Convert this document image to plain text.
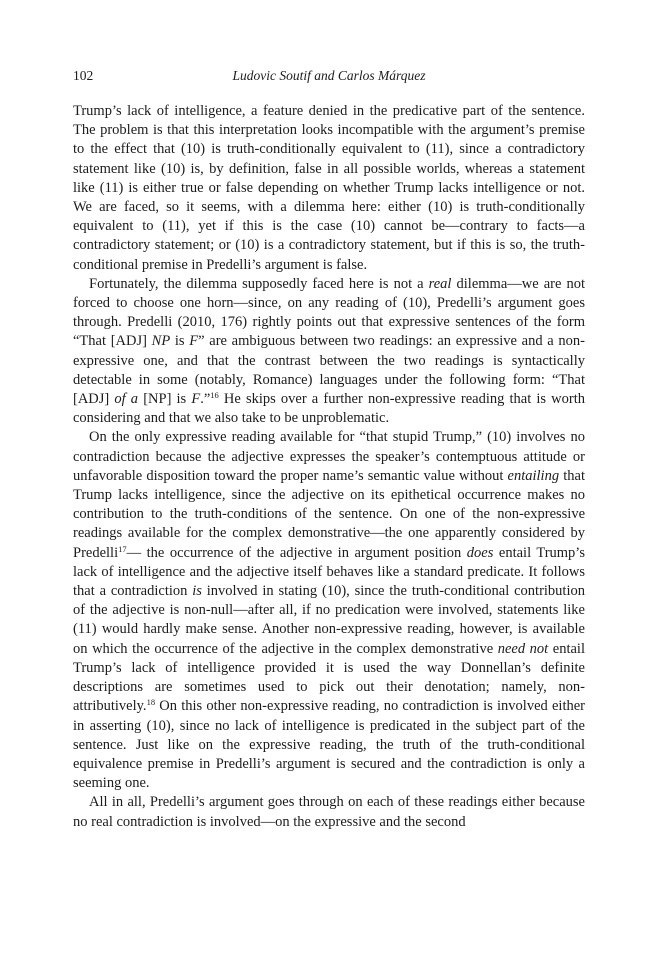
102	Ludovic Soutif and Carlos Márquez

Trump’s lack of intelligence, a feature denied in the predicative part of the sentence. The problem is that this interpretation looks incompatible with the argument’s premise to the effect that (10) is truth-conditionally equivalent to (11), since a contradictory statement like (10) is, by definition, false in all possible worlds, whereas a statement like (11) is either true or false depending on whether Trump lacks intelligence or not. We are faced, so it seems, with a dilemma here: either (10) is truth-conditionally equivalent to (11), yet if this is the case (10) cannot be—contrary to facts—a contradictory statement; or (10) is a contradictory statement, but if this is so, the truth-conditional premise in Predelli’s argument is false.

Fortunately, the dilemma supposedly faced here is not a real dilemma—we are not forced to choose one horn—since, on any reading of (10), Predelli’s argument goes through. Predelli (2010, 176) rightly points out that expressive sentences of the form “That [ADJ] NP is F” are ambiguous between two readings: an expressive and a non-expressive one, and that the contrast between the two readings is syntactically detectable in some (notably, Romance) languages under the following form: “That [ADJ] of a [NP] is F.”$^{16}$ He skips over a further non-expressive reading that is worth considering and that we also take to be unproblematic.

On the only expressive reading available for “that stupid Trump,” (10) involves no contradiction because the adjective expresses the speaker’s contemptuous attitude or unfavorable disposition toward the proper name’s semantic value without entailing that Trump lacks intelligence, since the adjective on its epithetical occurrence makes no contribution to the truth-conditions of the sentence. On one of the non-expressive readings available for the complex demonstrative—the one apparently considered by Predelli$^{17}$— the occurrence of the adjective in argument position does entail Trump’s lack of intelligence and the adjective itself behaves like a standard predicate. It follows that a contradiction is involved in stating (10), since the truth-conditional contribution of the adjective is non-null—after all, if no predication were involved, statements like (11) would hardly make sense. Another non-expressive reading, however, is available on which the occurrence of the adjective in the complex demonstrative need not entail Trump’s lack of intelligence provided it is used the way Donnellan’s definite descriptions are sometimes used to pick out their denotation; namely, non-attributively.$^{18}$ On this other non-expressive reading, no contradiction is involved either in asserting (10), since no lack of intelligence is predicated in the subject part of the sentence. Just like on the expressive reading, the truth of the truth-conditional equivalence premise in Predelli’s argument is secured and the contradiction is only a seeming one.

All in all, Predelli’s argument goes through on each of these readings either because no real contradiction is involved—on the expressive and the second
